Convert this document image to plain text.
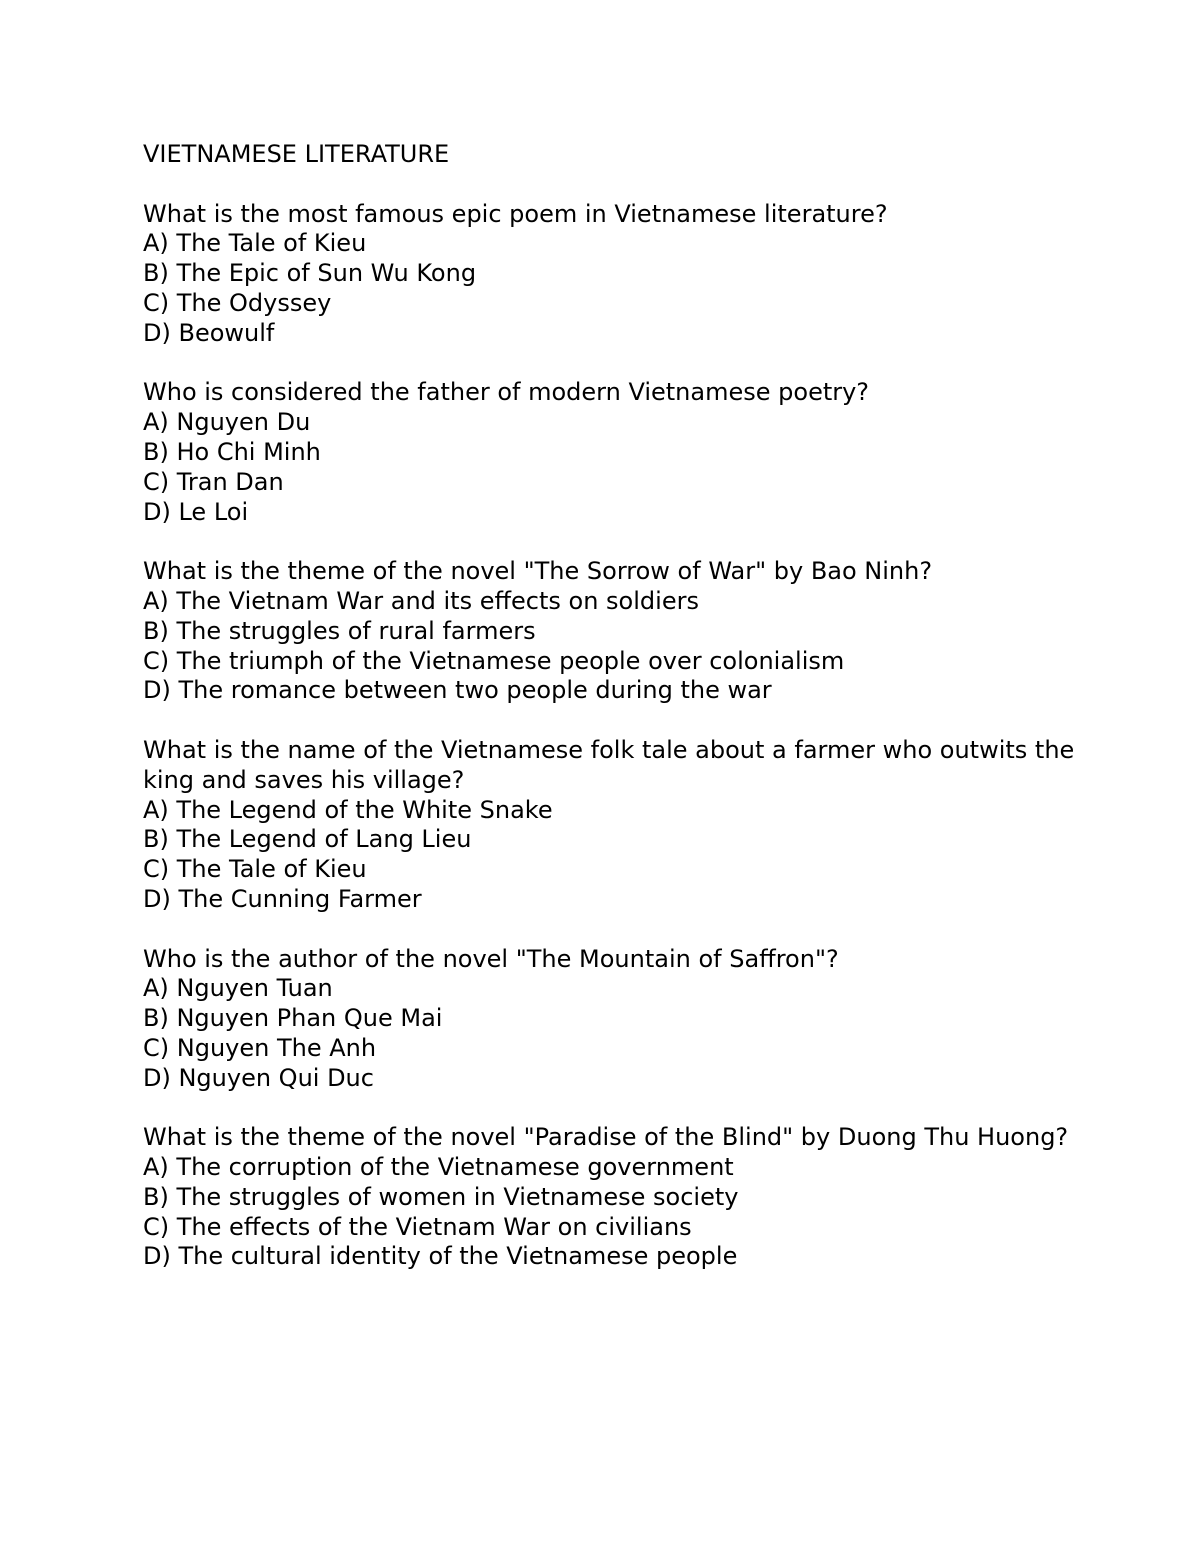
VIETNAMESE LITERATURE

What is the most famous epic poem in Vietnamese literature?

A) The Tale of Kieu

B) The Epic of Sun Wu Kong

C) The Odyssey

D) Beowulf

Who is considered the father of modern Vietnamese poetry?

A) Nguyen Du

B) Ho Chi Minh

C) Tran Dan

D) Le Loi

What is the theme of the novel "The Sorrow of War" by Bao Ninh?

A) The Vietnam War and its effects on soldiers

B) The struggles of rural farmers

C) The triumph of the Vietnamese people over colonialism

D) The romance between two people during the war

What is the name of the Vietnamese folk tale about a farmer who outwits the king and saves his village?

A) The Legend of the White Snake

B) The Legend of Lang Lieu

C) The Tale of Kieu

D) The Cunning Farmer

Who is the author of the novel "The Mountain of Saffron"?

A) Nguyen Tuan

B) Nguyen Phan Que Mai

C) Nguyen The Anh

D) Nguyen Qui Duc

What is the theme of the novel "Paradise of the Blind" by Duong Thu Huong?

A) The corruption of the Vietnamese government

B) The struggles of women in Vietnamese society

C) The effects of the Vietnam War on civilians

D) The cultural identity of the Vietnamese people
